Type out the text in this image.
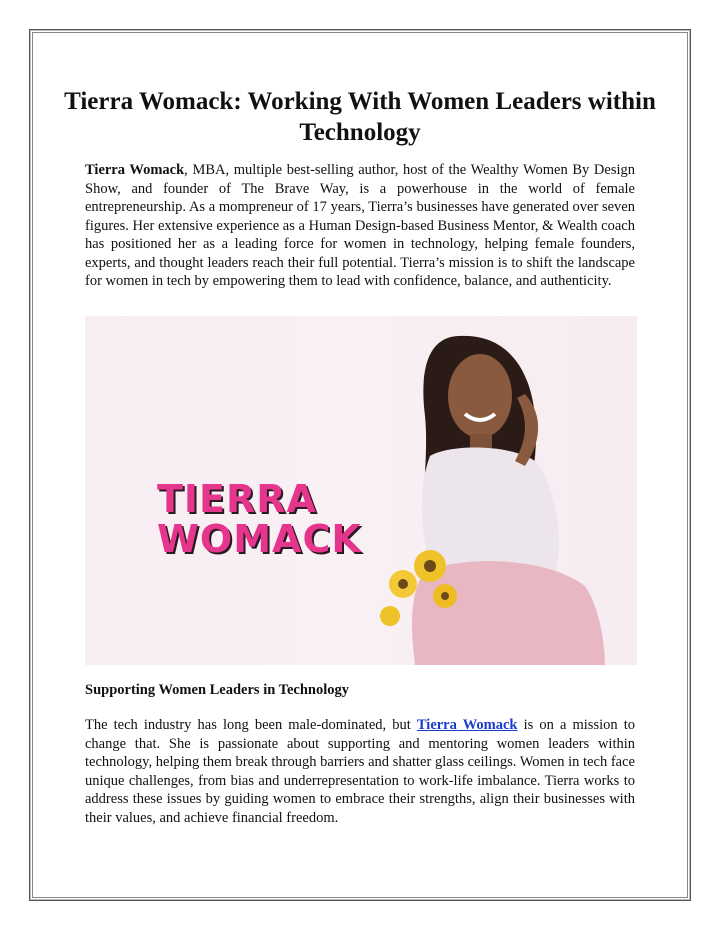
Tierra Womack: Working With Women Leaders within Technology

Tierra Womack, MBA, multiple best-selling author, host of the Wealthy Women By Design Show, and founder of The Brave Way, is a powerhouse in the world of female entrepreneurship. As a mompreneur of 17 years, Tierra’s businesses have generated over seven figures. Her extensive experience as a Human Design-based Business Mentor, & Wealth coach has positioned her as a leading force for women in technology, helping female founders, experts, and thought leaders reach their full potential. Tierra’s mission is to shift the landscape for women in tech by empowering them to lead with confidence, balance, and authenticity.

TIERRA
WOMACK
Supporting Women Leaders in Technology

The tech industry has long been male-dominated, but Tierra Womack is on a mission to change that. She is passionate about supporting and mentoring women leaders within technology, helping them break through barriers and shatter glass ceilings. Women in tech face unique challenges, from bias and underrepresentation to work-life imbalance. Tierra works to address these issues by guiding women to embrace their strengths, align their businesses with their values, and achieve financial freedom.
